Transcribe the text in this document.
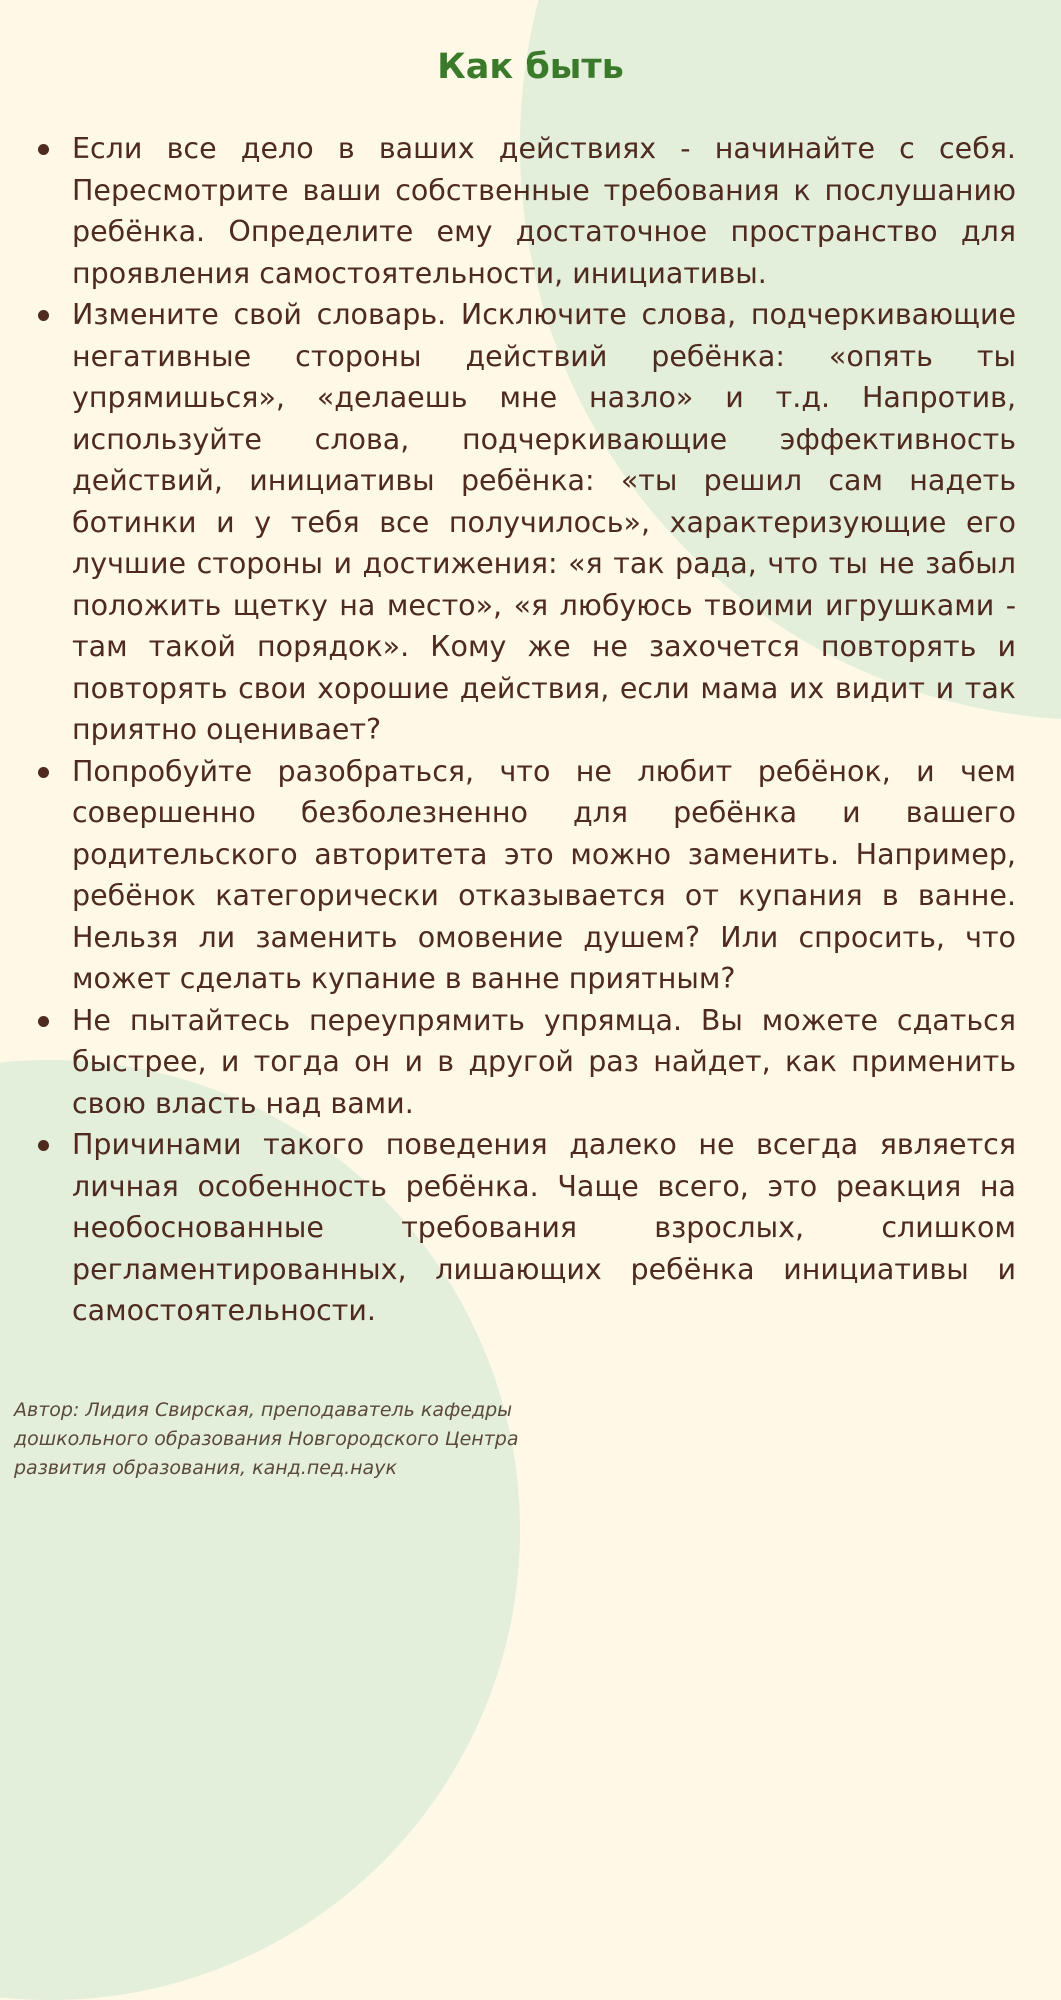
Как быть
Если все дело в ваших действиях - начинайте с себя. Пересмотрите ваши собственные требования к послушанию ребёнка. Определите ему достаточное пространство для проявления самостоятельности, инициативы.
Измените свой словарь. Исключите слова, подчеркивающие негативные стороны действий ребёнка: «опять ты упрямишься», «делаешь мне назло» и т.д. Напротив, используйте слова, подчеркивающие эффективность действий, инициативы ребёнка: «ты решил сам надеть ботинки и у тебя все получилось», характеризующие его лучшие стороны и достижения: «я так рада, что ты не забыл положить щетку на место», «я любуюсь твоими игрушками - там такой порядок». Кому же не захочется повторять и повторять свои хорошие действия, если мама их видит и так приятно оценивает?
Попробуйте разобраться, что не любит ребёнок, и чем совершенно безболезненно для ребёнка и вашего родительского авторитета это можно заменить. Например, ребёнок категорически отказывается от купания в ванне. Нельзя ли заменить омовение душем? Или спросить, что может сделать купание в ванне приятным?
Не пытайтесь переупрямить упрямца. Вы можете сдаться быстрее, и тогда он и в другой раз найдет, как применить свою власть над вами.
Причинами такого поведения далеко не всегда является личная особенность ребёнка. Чаще всего, это реакция на необоснованные требования взрослых, слишком регламентированных, лишающих ребёнка инициативы и самостоятельности.
Автор: Лидия Свирская, преподаватель кафедры
дошкольного образования Новгородского Центра
развития образования, канд.пед.наук
